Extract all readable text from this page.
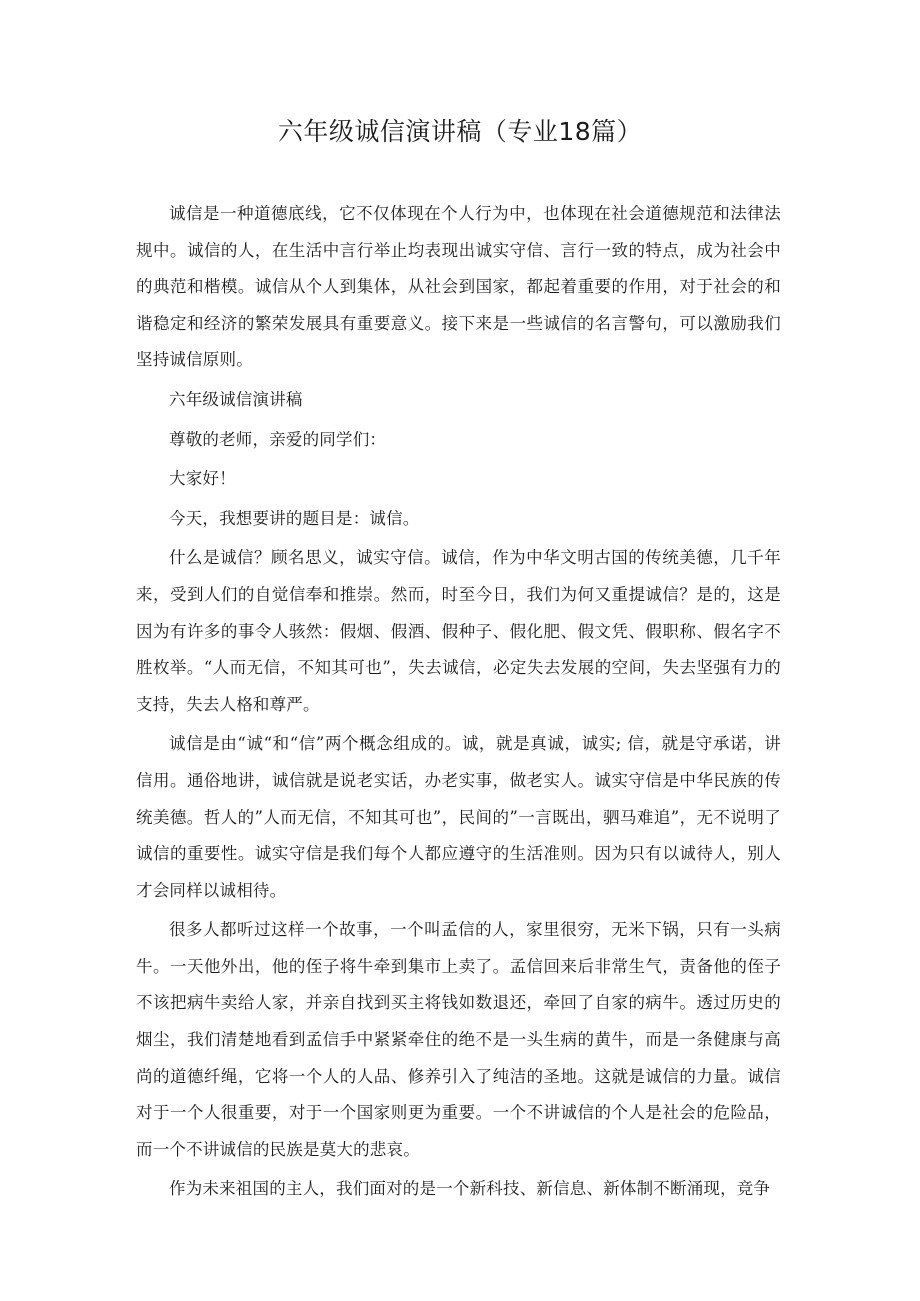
六年级诚信演讲稿（专业18篇）

诚信是一种道德底线，它不仅体现在个人行为中，也体现在社会道德规范和法律法规中。诚信的人，在生活中言行举止均表现出诚实守信、言行一致的特点，成为社会中的典范和楷模。诚信从个人到集体，从社会到国家，都起着重要的作用，对于社会的和谐稳定和经济的繁荣发展具有重要意义。接下来是一些诚信的名言警句，可以激励我们坚持诚信原则。

六年级诚信演讲稿

尊敬的老师，亲爱的同学们：

大家好！

今天，我想要讲的题目是：诚信。

什么是诚信？顾名思义，诚实守信。诚信，作为中华文明古国的传统美德，几千年来，受到人们的自觉信奉和推崇。然而，时至今日，我们为何又重提诚信？是的，这是因为有许多的事令人骇然：假烟、假酒、假种子、假化肥、假文凭、假职称、假名字不胜枚举。“人而无信，不知其可也”，失去诚信，必定失去发展的空间，失去坚强有力的支持，失去人格和尊严。

诚信是由“诚“和“信”两个概念组成的。诚，就是真诚，诚实; 信，就是守承诺，讲信用。通俗地讲，诚信就是说老实话，办老实事，做老实人。诚实守信是中华民族的传统美德。哲人的”人而无信，不知其可也”，民间的”一言既出，驷马难追”，无不说明了诚信的重要性。诚实守信是我们每个人都应遵守的生活准则。因为只有以诚待人，别人才会同样以诚相待。

很多人都听过这样一个故事，一个叫孟信的人，家里很穷，无米下锅，只有一头病牛。一天他外出，他的侄子将牛牵到集市上卖了。孟信回来后非常生气，责备他的侄子不该把病牛卖给人家，并亲自找到买主将钱如数退还，牵回了自家的病牛。透过历史的烟尘，我们清楚地看到孟信手中紧紧牵住的绝不是一头生病的黄牛，而是一条健康与高尚的道德纤绳，它将一个人的人品、修养引入了纯洁的圣地。这就是诚信的力量。诚信对于一个人很重要，对于一个国家则更为重要。一个不讲诚信的个人是社会的危险品，而一个不讲诚信的民族是莫大的悲哀。

作为未来祖国的主人，我们面对的是一个新科技、新信息、新体制不断涌现，竞争
